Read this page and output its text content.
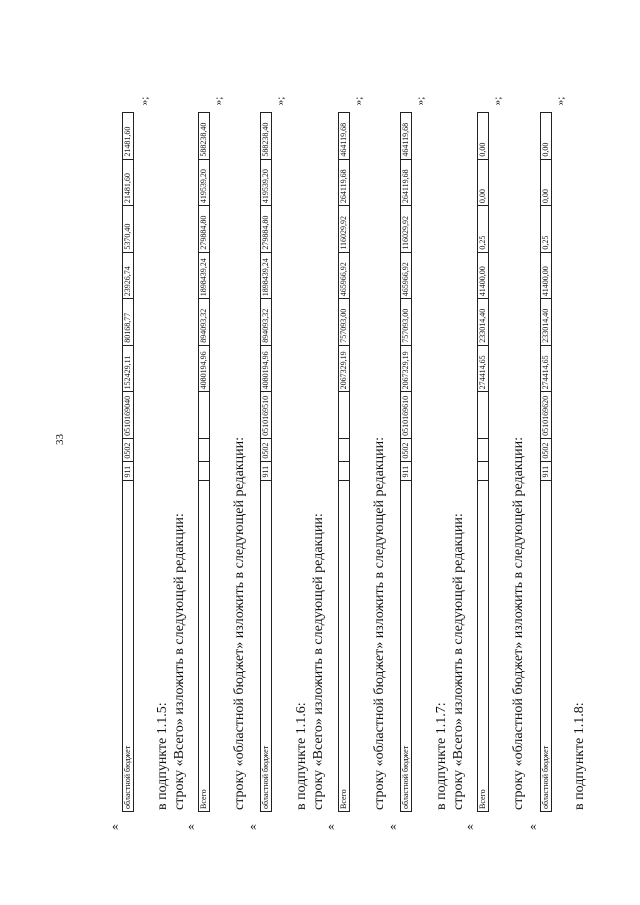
33
«
областной бюджет
911
0502
0510169040
152429,11
80168,77
23926,74
5370,40
21481,60
21481,60
»;
в подпункте 1.1.5: строку «Всего» изложить в следующей редакции:
«
Всего
4080194,96
894093,32
1898439,24
279884,80
419539,20
588238,40
»;
строку «областной бюджет» изложить в следующей редакции:
«
областной бюджет
911
0502
0510169510
4080194,96
894093,32
1898439,24
279884,80
419539,20
588238,40
»;
в подпункте 1.1.6: строку «Всего» изложить в следующей редакции:
«
Всего
2067329,19
757093,00
465966,92
116029,92
264119,68
464119,68
»;
строку «областной бюджет» изложить в следующей редакции:
«
областной бюджет
911
0502
0510169610
2067329,19
757093,00
465966,92
116029,92
264119,68
464119,68
»;
в подпункте 1.1.7: строку «Всего» изложить в следующей редакции:
«
Всего
274414,65
233014,40
41400,00
0,25
0,00
0,00
»;
строку «областной бюджет» изложить в следующей редакции:
«
областной бюджет
911
0502
0510169620
274414,65
233014,40
41400,00
0,25
0,00
0,00
»;
в подпункте 1.1.8:
